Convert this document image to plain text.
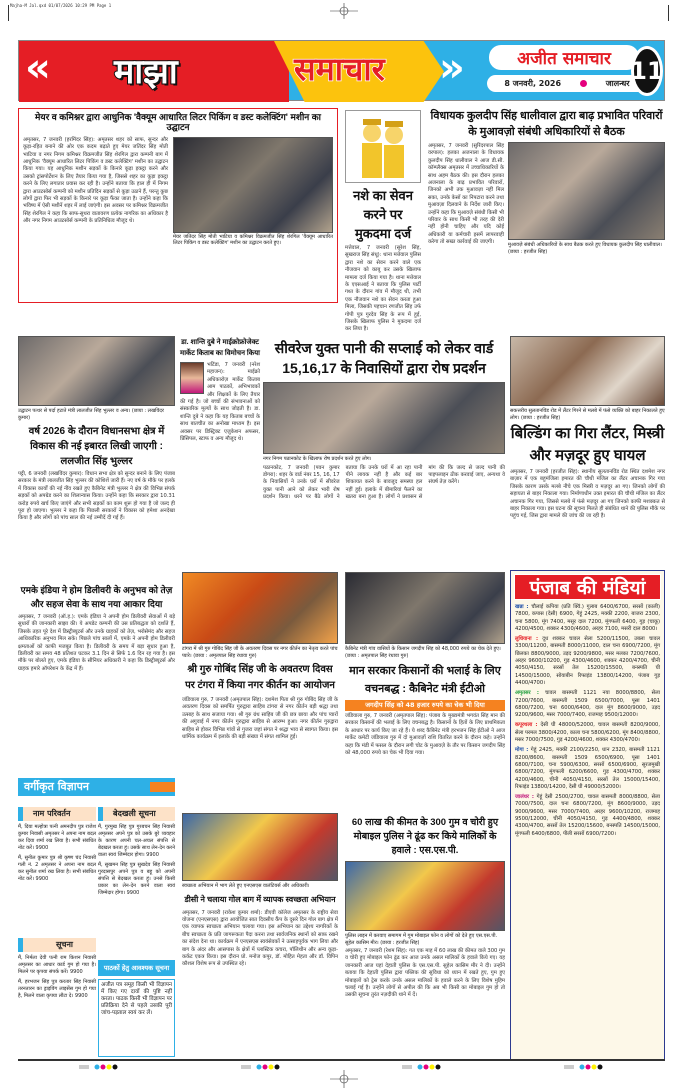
Majha-M Jal.qxd 01/07/2026 10:29 PM Page 1
«	»
माझा	समाचार	अजीत समाचार
8 जनवरी, 2026	जालन्धर 11
मेयर व कमिश्नर द्वारा आधुनिक 'वैक्यूम आधारित लिटर पिकिंग व डस्ट कलेक्टिंग' मशीन का उद्घाटन
मेयर जतिंदर सिंह मोती भाटिया व कमिश्नर विक्रमजीत सिंह शेरगिल 'वैक्यूम आधारित लिटर पिकिंग व डस्ट कलेक्टिंग' मशीन का उद्घाटन करते हुए।
अमृतसर, 7 जनवरी (हरमिंदर सिंह): अमृतसर शहर को साफ, सुन्दर और कूड़ा-रहित बनाने की ओर एक कदम बढ़ाते हुए मेयर जतिंदर सिंह मोती भाटिया व नगर निगम कमिश्नर विक्रमजीत सिंह शेरगिल द्वारा कम्पनी बाग में आधुनिक 'वैक्यूम आधारित लिटर पिकिंग व डस्ट कलेक्टिंग' मशीन का उद्घाटन किया गया। यह आधुनिक मशीन सड़कों के किनारे कूड़ा इकट्ठा करने और उसको ट्रांसपोर्टेशन के लिए तैयार किया गया है, जिससे शहर का कूड़ा इकट्ठा करने के लिए लगातार प्रयास कर रही है। उन्होंने बताया कि हाल ही में निगम द्वारा आउटसोर्स कम्पनी को मशीन प्रतिदिन सड़कों से कूड़ा उठाने हैं, परन्तु कुछ लोगों द्वारा फिर भी सड़कों के किनारे पर कूड़ा फैंका जाता है। उन्होंने कहा कि भविष्य में ऐसी मशीनें शहर में लाई जाएंगी। इस अवसर पर कमिश्नर विक्रमजीत सिंह शेरगिल ने कहा कि साफ-सुथरा वातावरण प्रत्येक नागरिक का अधिकार है और नगर निगम आउटसोर्स कम्पनी के प्रतिनिधित्व मौजूद थे।
नशे का सेवन करने पर मुकदमा दर्ज
मत्तेवाल, 7 जनवरी (सुरेश सिंह, सुखराज सिंह संधू): थाना मत्तेवाल पुलिस द्वारा नशे का सेवन करने वाले एक नौजवान को काबू कर उसके खिलाफ मामला दर्ज किया गया है। थाना मत्तेवाल के एएसआई ने बताया कि पुलिस पार्टी गश्त के दौरान गांव में मौजूद थी, तभी एक नौजवान नशे का सेवन करता हुआ मिला, जिसकी पहचान रणजीत सिंह उर्फ गोपी पुत्र गुरदेव सिंह के रूप में हुई, जिसके खिलाफ पुलिस ने मुकदमा दर्ज कर लिया है।
विधायक कुलदीप सिंह धालीवाल द्वारा बाढ़ प्रभावित परिवारों के मुआवज़ो संबंधी अधिकारियों से बैठक
अमृतसर, 7 जनवरी (सुरिंदरपाल सिंह वरपाल): हलका अजनाला के विधायक कुलदीप सिंह धालीवाल ने आज डी.सी. कॉम्प्लैक्स अमृतसर में उच्चाधिकारियों के साथ अहम बैठक की। इस दौरान हलका अजनाला के बाढ़ प्रभावित परिवारों, जिनको अभी तक मुआवज़ा नहीं मिल सका, उनके केसों का निपटारा करने तथा मुआवज़ा दिलवाने के निर्देश जारी किए। उन्होंने कहा कि मुआवज़े संबंधी किसी भी परिवार के साथ किसी भी तरह की देरी नहीं होनी चाहिए और यदि कोई अधिकारी या कर्मचारी इसमें लापरवाही करेगा तो सख्त कार्रवाई की जाएगी।	मुआवज़े संबंधी अधिकारियों के साथ बैठक करते हुए विधायक कुलदीप सिंह धालीवाल। (छाया : हरजीत सिंह)
उद्घाटन पत्थर से पर्दा हटाते मंत्री लालजीत सिंह भुल्लर व अन्य। (छाया : लखविंदर कुमार)
वर्ष 2026 के दौरान विधानसभा क्षेत्र में विकास की नई इबारत लिखी जाएगी : ललजीत सिंह भुल्लर
पट्टी, 6 जनवरी (लखविंदर कुमार): विधान सभा क्षेत्र को सुन्दर बनाने के लिए पंजाब सरकार के मंत्री लालजीत सिंह भुल्लर की कोशिशें जारी हैं। नए वर्ष के मौके पर हलके में विकास कार्यों की नई नींव रखते हुए कैबिनेट मंत्री भुल्लर ने क्षेत्र की विभिन्न संपर्क सड़कों को अपग्रेड करने का शिलान्यास किया। उन्होंने कहा कि सरकार द्वारा 10.31 करोड़ रुपये खर्च किए जाएंगे और सभी सड़कों का काम शुरू हो गया है जो जल्द ही पूरा हो जाएगा। भुल्लर ने कहा कि पिछली सरकारों ने विकास को हमेशा अनदेखा किया है और लोगों को पांच साल की नई उम्मीदें दी गई हैं।
डा. शान्ति दुबे ने माईक्रोफ्रोजेक्ट मार्केट किताब का विमोचन किया
भटिंडा, 7 जनवरी (नरेश महाजन): माईक्रो अधिकारोज़ मार्केट किताब आम पाठकों, अभिभावकों और शिक्षकों के लिए तैयार की गई है। जो बच्चों की संभावनाओं को संस्कारिक मूल्यों के साथ जोड़ती है। डा. शान्ति दुबे ने कहा कि यह किताब बच्चों के साथ बातचीत का अनोखा माध्यम है। इस अवसर पर डिस्ट्रिक्ट एजुकेशन अफसर, प्रिंसिपल, स्टाफ व अन्य मौजूद थे।
सीवरेज युक्त पानी की सप्लाई को लेकर वार्ड 15,16,17 के निवासियों द्वारा रोष प्रदर्शन
नगर निगम पठानकोट के खिलाफ रोष प्रदर्शन करते हुए लोग।
पठानकोट, 7 जनवरी (पवन कुमार डोगरा): शहर के वार्ड नंबर 15, 16, 17 के निवासियों ने उनके घरों में सीवरेज युक्त पानी आने को लेकर भारी रोष प्रदर्शन किया। धरने पर बैठे लोगों ने बताया कि उनके घरों में आ रहा पानी पीने लायक नहीं है और कई बार शिकायत करने के बावजूद समस्या हल नहीं हुई। इलाके में बीमारियां फैलने का खतरा बना हुआ है। लोगों ने प्रशासन से मांग की कि जल्द से जल्द पानी की पाइपलाइन ठीक करवाई जाए, अन्यथा वे संघर्ष तेज़ करेंगे।
सकत्तरीय सुलतानविंड रोड में लैंटर गिरने से मलबे में फंसे व्यक्ति को बाहर निकालते हुए लोग। (छाया : हरजीत सिंह)
बिल्डिंग का गिरा लैंटर, मिस्त्री और मज़दूर हुए घायल
अमृतसर, 7 जनवरी (हरजीत सिंह): स्थानीय सुलतानविंड रोड स्थित दशमेश नगर बाज़ार में एक बहुमंजिला इमारत की चौथी मंजिल का लैंटर अचानक गिर गया जिसके कारण उसके मलबे नीचे एक मिस्त्री व मज़दूर आ गए। जिनको लोगों की सहायता से बाहर निकाला गया। निर्माणाधीन उक्त इमारत की चौथी मंजिल का लैंटर अचानक गिर गया, जिससे मलबे में फंसे मज़दूर आ गए जिनको काफी मशक्कत से बाहर निकाला गया। इस घटना की सूचना मिलते ही संबंधित थाने की पुलिस मौके पर पहुंच गई, जिस द्वारा मामले की जांच की जा रही है।
एमके इंडिया ने होम डिलीवरी के अनुभव को तेज़ और सहज सेवा के साथ नया आकार दिया
अमृतसर, 7 जनवरी (ऑ.ह.): एमके इंडिया ने अपनी होम डिलीवरी सेवाओं में बड़े सुधारों की जानकारी साझा की। ये अपडेट कम्पनी की उस प्रतिबद्धता को दर्शाते हैं, जिसके तहत पूरे देश में डिस्ट्रीब्यूटर्स और उनके ग्राहकों को तेज़, भरोसेमंद और सहज आधिकारिक अनुभव मिल सके। पिछले पांच सालों में, एमके ने अपनी होम डिलीवरी क्षमताओं को काफी मजबूत किया है। डिलीवरी के समय में बड़ा सुधार हुआ है, डिलीवरी का समय 48 प्रतिशत घटकर 3.1 दिन से सिर्फ 1.6 दिन रह गया है। इस मौके पर बोलते हुए, एमके इंडिया के सीनियर अधिकारी ने कहा कि डिस्ट्रीब्यूटर्स और ग्राहक हमारे ऑपरेशन के केंद्र में हैं।
टांगरा में श्री गुरु गोबिंद सिंह जी के अवतरण दिवस पर नगर कीर्तन का नेतृत्व करते पांच प्यारे। (छाया : अमृतपाल सिंह रंधावा गुरु)
श्री गुरु गोबिंद सिंह जी के अवतरण दिवस पर टंगरा में किया नगर कीर्तन का आयोजन
जंडियाला गुरु, 7 जनवरी (अमृतपाल सिंह): दशमेश पिता श्री गुरु गोबिंद सिंह जी के अवतरण दिवस को समर्पित गुरुद्वारा साहिब टांगरा से नगर कीर्तन बड़ी श्रद्धा तथा उत्साह के साथ सजाया गया। श्री गुरु ग्रंथ साहिब जी की छत्र छाया और पांच प्यारों की अगुवाई में नगर कीर्तन गुरुद्वारा साहिब से आरम्भ हुआ। नगर कीर्तन गुरुद्वारा साहिब से होकर विभिन्न गांवों से गुजरा जहां संगत ने श्रद्धा भाव से स्वागत किया। इस धार्मिक कार्यक्रम में इलाके की बड़ी संख्या में संगत शामिल हुई।
कैबिनेट मंत्री गांव वासियों के किसान जगदीप सिंह को 48,000 रुपये का चेक देते हुए। (छाया : अमृतपाल सिंह रंधावा गुरु)
मान सरकार किसानों की भलाई के लिए वचनबद्ध : कैबिनेट मंत्री ईटीओ
जगदीप सिंह को 48 हजार रुपये का चेक भी दिया
जंडियाला गुरु, 7 जनवरी (अमृतपाल सिंह): पंजाब के मुख्यमंत्री भगवंत सिंह मान की सरकार किसानों की भलाई के लिए वचनबद्ध है। किसानों के हितों के लिए प्राथमिकता के आधार पर कार्य किए जा रहे हैं। ये शब्द कैबिनेट मंत्री हरभजन सिंह ईटीओ ने आज मार्केट कमेटी जंडियाला गुरु में दो मुआवज़ों राशि वितरित करने के दौरान कहे। उन्होंने कहा कि मंडी में फसल के दौरान लगी चोट के मुआवज़े के तौर पर किसान जगदीप सिंह को 48,000 रुपये का चेक भी दिया गया।
पंजाब की मंडियां

खन्ना : चौलाई कपिया (प्रति क्विं.) गुलाब 6400/6700, सरसों (काली) 7800, कपास (देसी) 6900, गेहूं 2425, मक्की 2200, बाजरा 2300, चना 5800, मूंग 7400, मसूर दाल 7200, मूंगफली 6400, गुड़ (चाकू) 4200/4500, शक्कर 4300/4600, अरहर 7100, मसरी दाल 8000।

लुधियाना : दूध शक्कर चावल सेला 5200/11500, उबला चावल 3300/11200, बासमती 8000/11000, दाल चना 6900/7200, मूंग छिलका 8800/9000, उड़द 9200/9800, मसर मलका 7200/7600, अरहर 9600/10200, गुड़ 4300/4600, शक्कर 4200/4700, चीनी 4050/4150, सरसों तेल 15200/15500, बनस्पति घी 14500/15000, सोयाबीन रिफाइंड 13800/14200, पंजाब गुड़ 4400/4700।

अमृतसर : चावल बासमती 1121 नया 8000/8800, सेला 7200/7600, बासमती 1509 6500/7000, पूसा 1401 6800/7200, चना 6000/6400, दाल मूंग 8600/9000, उड़द 9200/9600, मसर 7000/7400, राजमाह 9500/12000।

कपूरथला : देसी घी 48000/52000, चावल बासमती 8200/9000, सेला परमल 3800/4200, काला चना 5800/6200, मूंग 8400/8800, मसर 7000/7500, गुड़ 4200/4600, शक्कर 4300/4700।

मोगा : गेहूं 2425, मक्की 2100/2250, धान 2320, बासमती 1121 8200/8600, बासमती 1509 6500/6900, पूसा 1401 6800/7100, चना 5900/6300, सरसों 6500/6900, सूरजमुखी 6800/7200, मूंगफली 6200/6600, गुड़ 4300/4700, शक्कर 4200/4600, चीनी 4050/4150, सरसों तेल 15000/15400, रिफाइंड 13800/14200, देसी घी 49000/52000।

जालंधर : गेहूं देसी 2500/2700, चावल बासमती 8000/8800, सेला 7000/7500, दाल चना 6800/7200, मूंग 8600/9000, उड़द 9000/9600, मसर 7000/7400, अरहर 9600/10200, राजमाह 9500/12000, चीनी 4050/4150, गुड़ 4400/4800, शक्कर 4300/4700, सरसों तेल 15200/15600, बनस्पति 14500/15000, मूंगफली 6400/6800, पीली सरसों 6900/7200।

वर्गीकृत विज्ञापन
नाम परिवर्तन	बेदखली सूचना

मैं, दिया मल्होत्रा पत्नी अमनदीप पुत्र राजेश कुमार निवासी अमृतसर ने अपना नाम बदल कर दिया शर्मा रख लिया है। सभी संबंधित नोट करें। 9900

मैं, सुनील कुमार पुत्र श्री कृष्ण चंद निवासी गली नं. 2 अमृतसर ने अपना नाम बदल कर सुनील शर्मा रख लिया है। सभी संबंधित नोट करें। 9900

मैं, गुरमुख सिंह पुत्र गुरबचन सिंह निवासी अमृतसर अपने पुत्र को उसके बुरे व्यवहार के कारण अपनी चल-अचल संपत्ति से बेदखल करता हूं। उसके साथ लेन-देन करने वाला स्वयं जिम्मेदार होगा। 9900

मैं, सुखमन सिंह पुत्र सुखदेव सिंह निवासी गुरदासपुर अपने पुत्र व बहू को अपनी संपत्ति से बेदखल करता हूं। उनसे किसी प्रकार का लेन-देन करने वाला स्वयं जिम्मेदार होगा। 9900

सूचना

मैं, निर्मला देवी पत्नी राम किशन निवासी अमृतसर का आधार कार्ड गुम हो गया है। मिलने पर कृपया संपर्क करें। 9900

मैं, हरभजन सिंह पुत्र करतार सिंह निवासी तरनतारन का ड्राइविंग लाइसेंस गुम हो गया है, मिलने वाला कृपया लौटा दे। 9900

पाठकों हेतु आवश्यक सूचना
अजीत पत्र समूह किसी भी विज्ञापन में किए गए दावों की पुष्टि नहीं करता। पाठक किसी भी विज्ञापन पर प्रतिक्रिया देने से पहले उसकी पूरी जांच-पड़ताल स्वयं कर लें।
स्वच्छता अभियान में भाग लेते हुए एनएसएस वालंटियर्स और अधिकारी।
डीसी ने चलाया गोल बाग में व्यापक स्वच्छता अभियान
अमृतसर, 7 जनवरी (राकेश कुमार शर्मा): डीएवी कॉलेज अमृतसर के राष्ट्रीय सेवा योजना (एनएसएस) द्वारा आयोजित सात दिवसीय कैंप के दूसरे दिन गोल बाग क्षेत्र में एक व्यापक स्वच्छता अभियान चलाया गया। इस अभियान का उद्देश्य नागरिकों के बीच स्वच्छता के प्रति जागरूकता पैदा करना तथा सार्वजनिक स्थानों को साफ़ रखने का संदेश देना था। कार्यक्रम में एनएसएस स्वयंसेवकों ने उत्साहपूर्वक भाग लिया और बाग के अंदर और आसपास के क्षेत्रों में प्लास्टिक कचरा, पॉलिथीन और अन्य कूड़ा-कर्कट एकत्र किया। इस दौरान प्रो. मनोज कपूर, डॉ. मोहित मेहता और डॉ. विपिन कौशल विशेष रूप से उपस्थित रहे।
60 लाख की कीमत के 300 गुम व चोरी हुए मोबाइल पुलिस ने ढूंढ कर किये मालिकों के हवाले : एस.एस.पी.
पुलिस लाइन में करवाए समागम में गुम मोबाइल फोन व लोगों को देते हुए एस.एस.पी. सुहेल कासिम मीर। (छाया : हरजीत सिंह)
अमृतसर, 7 जनवरी (रेशम सिंह): गत एक माह में 60 लाख की कीमत वाले 300 गुम व चोरी हुए मोबाइल फोन ढूंढ कर आज उनके असल मालिकों के हवाले किये गए। यह जानकारी आज यहां देहाती पुलिस के एस.एस.पी. सुहेल कासिम मीर ने दी। उन्होंने बताया कि देहाती पुलिस द्वारा पब्लिक की सुविधा को ध्यान में रखते हुए, गुम हुए मोबाइलों को ट्रेस करके उनके असल मालिकों के हवाले करने के लिए विशेष मुहिम चलाई गई है। उन्होंने लोगों से अपील की कि अब भी किसी का मोबाइल गुम हो तो उसकी सूचना तुरंत नज़दीकी थाने में दें।
